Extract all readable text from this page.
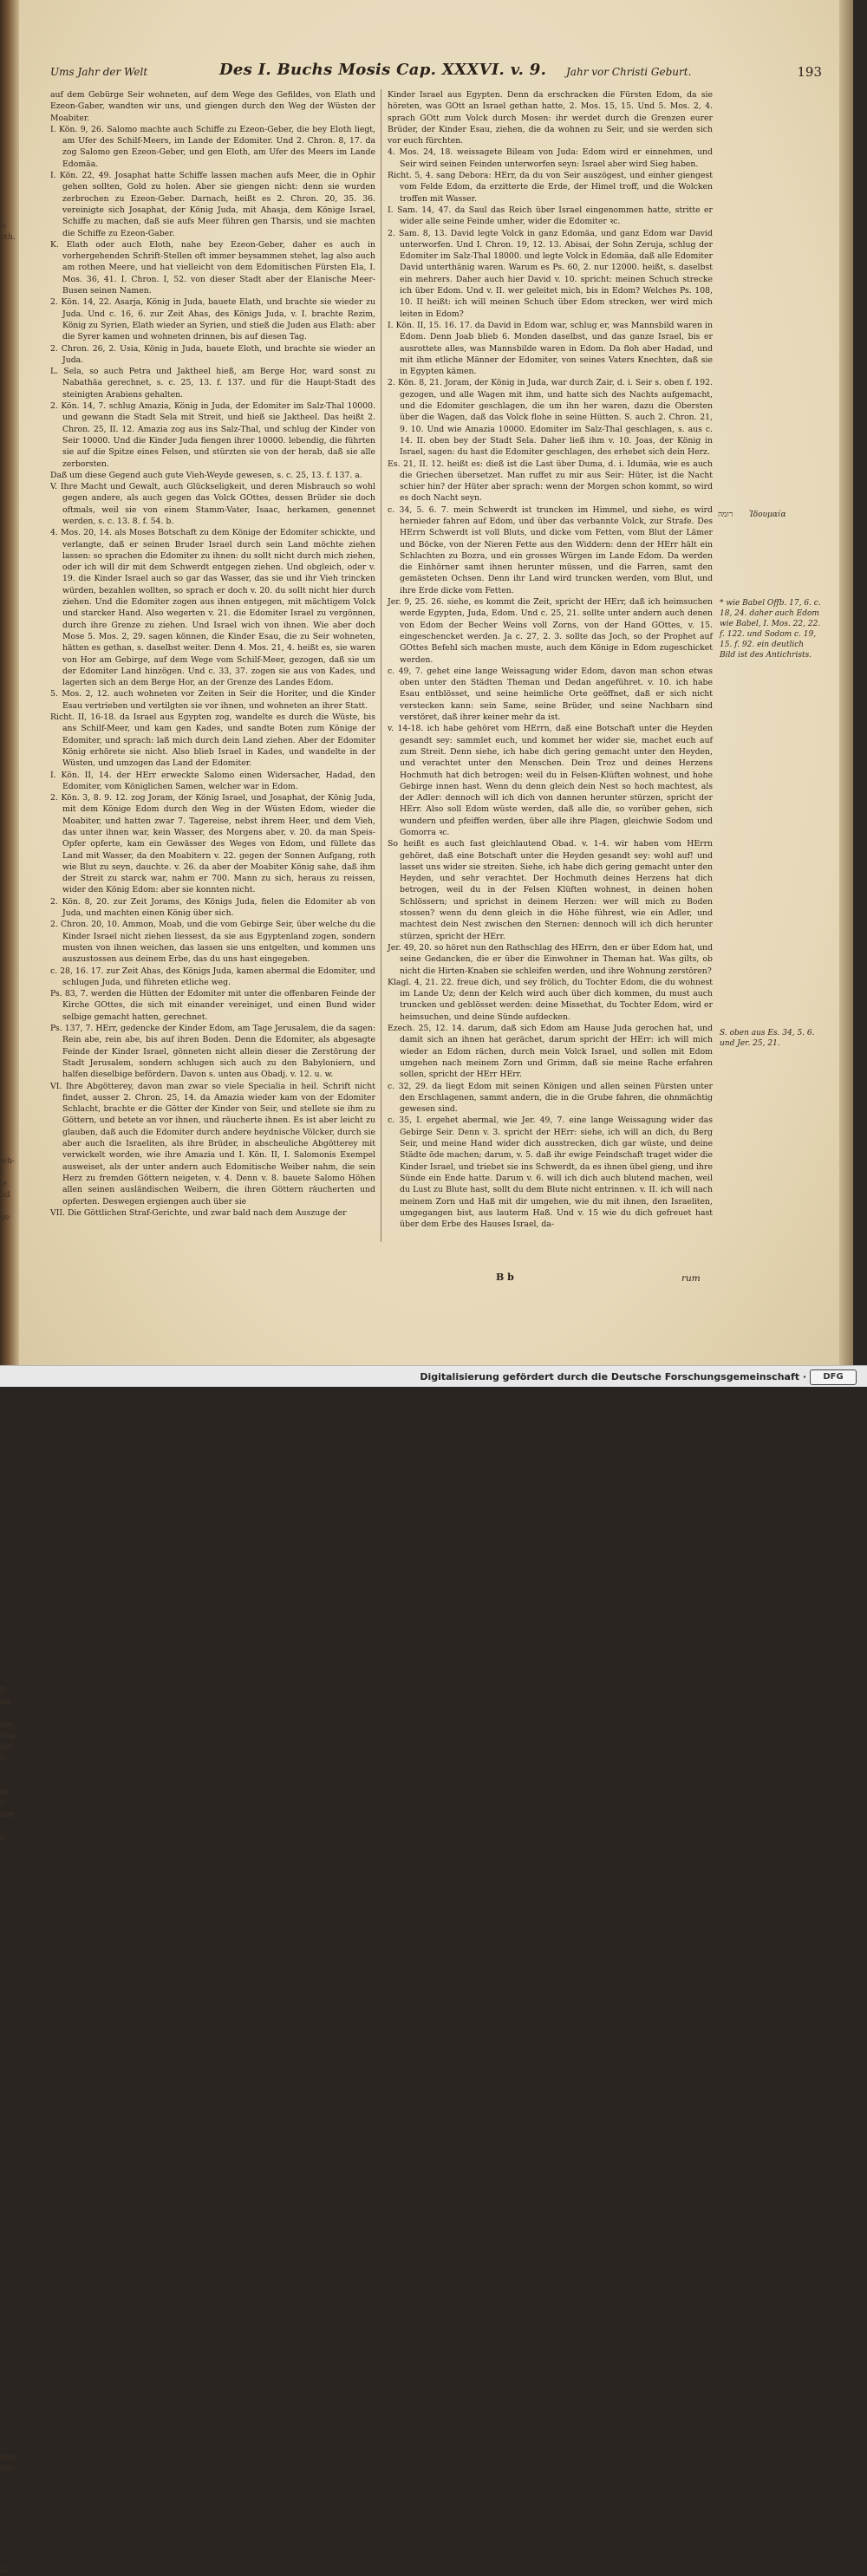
Ums Jahr der Welt	Des I. Buchs Mosis Cap. XXXVI. v. 9. Jahr vor Christi Geburt.	193

auf dem Gebürge Seir wohneten, auf dem Wege des Gefildes, von Elath und Ezeon-Gaber, wandten wir uns, und giengen durch den Weg der Wüsten der Moabiter.

I. Kön. 9, 26. Salomo machte auch Schiffe zu Ezeon-Geber, die bey Eloth liegt, am Ufer des Schilf-Meers, im Lande der Edomiter. Und 2. Chron. 8, 17. da zog Salomo gen Ezeon-Geber, und gen Eloth, am Ufer des Meers im Lande Edomäa.

I. Kön. 22, 49. Josaphat hatte Schiffe lassen machen aufs Meer, die in Ophir gehen sollten, Gold zu holen. Aber sie giengen nicht: denn sie wurden zerbrochen zu Ezeon-Geber. Darnach, heißt es 2. Chron. 20, 35. 36. vereinigte sich Josaphat, der König Juda, mit Ahasja, dem Könige Israel, Schiffe zu machen, daß sie aufs Meer führen gen Tharsis, und sie machten die Schiffe zu Ezeon-Gaber.

K. Elath oder auch Eloth, nahe bey Ezeon-Geber, daher es auch in vorhergehenden Schrift-Stellen oft immer beysammen stehet, lag also auch am rothen Meere, und hat vielleicht von dem Edomitischen Fürsten Ela, I. Mos. 36, 41. I. Chron. I, 52. von dieser Stadt aber der Elanische Meer-Busen seinen Namen.

2. Kön. 14, 22. Asarja, König in Juda, bauete Elath, und brachte sie wieder zu Juda. Und c. 16, 6. zur Zeit Ahas, des Königs Juda, v. I. brachte Rezim, König zu Syrien, Elath wieder an Syrien, und stieß die Juden aus Elath: aber die Syrer kamen und wohneten drinnen, bis auf diesen Tag.

2. Chron. 26, 2. Usia, König in Juda, bauete Eloth, und brachte sie wieder an Juda.

L. Sela, so auch Petra und Jaktheel hieß, am Berge Hor, ward sonst zu Nabathäa gerechnet, s. c. 25, 13. f. 137. und für die Haupt-Stadt des steinigten Arabiens gehalten.

2. Kön. 14, 7. schlug Amazia, König in Juda, der Edomiter im Salz-Thal 10000. und gewann die Stadt Sela mit Streit, und hieß sie Jaktheel. Das heißt 2. Chron. 25, II. 12. Amazia zog aus ins Salz-Thal, und schlug der Kinder von Seir 10000. Und die Kinder Juda fiengen ihrer 10000. lebendig, die führten sie auf die Spitze eines Felsen, und stürzten sie von der herab, daß sie alle zerborsten.

Daß um diese Gegend auch gute Vieh-Weyde gewesen, s. c. 25, 13. f. 137. a.

V. Ihre Macht und Gewalt, auch Glückseligkeit, und deren Misbrauch so wohl gegen andere, als auch gegen das Volck GOttes, dessen Brüder sie doch oftmals, weil sie von einem Stamm-Vater, Isaac, herkamen, genennet werden, s. c. 13. 8. f. 54. b.

4. Mos. 20, 14. als Moses Botschaft zu dem Könige der Edomiter schickte, und verlangte, daß er seinen Bruder Israel durch sein Land möchte ziehen lassen: so sprachen die Edomiter zu ihnen: du sollt nicht durch mich ziehen, oder ich will dir mit dem Schwerdt entgegen ziehen. Und obgleich, oder v. 19. die Kinder Israel auch so gar das Wasser, das sie und ihr Vieh trincken würden, bezahlen wollten, so sprach er doch v. 20. du sollt nicht hier durch ziehen. Und die Edomiter zogen aus ihnen entgegen, mit mächtigem Volck und starcker Hand. Also wegerten v. 21. die Edomiter Israel zu vergönnen, durch ihre Grenze zu ziehen. Und Israel wich von ihnen. Wie aber doch Mose 5. Mos. 2, 29. sagen können, die Kinder Esau, die zu Seir wohneten, hätten es gethan, s. daselbst weiter. Denn 4. Mos. 21, 4. heißt es, sie waren von Hor am Gebirge, auf dem Wege vom Schilf-Meer, gezogen, daß sie um der Edomiter Land hinzögen. Und c. 33, 37. zogen sie aus von Kades, und lagerten sich an dem Berge Hor, an der Grenze des Landes Edom.

5. Mos. 2, 12. auch wohneten vor Zeiten in Seir die Horiter, und die Kinder Esau vertrieben und vertilgten sie vor ihnen, und wohneten an ihrer Statt.

Richt. II, 16-18. da Israel aus Egypten zog, wandelte es durch die Wüste, bis ans Schilf-Meer, und kam gen Kades, und sandte Boten zum Könige der Edomiter, und sprach: laß mich durch dein Land ziehen. Aber der Edomiter König erhörete sie nicht. Also blieb Israel in Kades, und wandelte in der Wüsten, und umzogen das Land der Edomiter.

I. Kön. II, 14. der HErr erweckte Salomo einen Widersacher, Hadad, den Edomiter, vom Königlichen Samen, welcher war in Edom.

2. Kön. 3, 8. 9. 12. zog Joram, der König Israel, und Josaphat, der König Juda, mit dem Könige Edom durch den Weg in der Wüsten Edom, wieder die Moabiter, und hatten zwar 7. Tagereise, nebst ihrem Heer, und dem Vieh, das unter ihnen war, kein Wasser, des Morgens aber, v. 20. da man Speis-Opfer opferte, kam ein Gewässer des Weges von Edom, und füllete das Land mit Wasser, da den Moabitern v. 22. gegen der Sonnen Aufgang, roth wie Blut zu seyn, dauchte. v. 26. da aber der Moabiter König sahe, daß ihm der Streit zu starck war, nahm er 700. Mann zu sich, heraus zu reissen, wider den König Edom: aber sie konnten nicht.

2. Kön. 8, 20. zur Zeit Jorams, des Königs Juda, fielen die Edomiter ab von Juda, und machten einen König über sich.

2. Chron. 20, 10. Ammon, Moab, und die vom Gebirge Seir, über welche du die Kinder Israel nicht ziehen liessest, da sie aus Egyptenland zogen, sondern musten von ihnen weichen, das lassen sie uns entgelten, und kommen uns auszustossen aus deinem Erbe, das du uns hast eingegeben.

c. 28, 16. 17. zur Zeit Ahas, des Königs Juda, kamen abermal die Edomiter, und schlugen Juda, und führeten etliche weg.

Ps. 83, 7. werden die Hütten der Edomiter mit unter die offenbaren Feinde der Kirche GOttes, die sich mit einander vereiniget, und einen Bund wider selbige gemacht hatten, gerechnet.

Ps. 137, 7. HErr, gedencke der Kinder Edom, am Tage Jerusalem, die da sagen: Rein abe, rein abe, bis auf ihren Boden. Denn die Edomiter, als abgesagte Feinde der Kinder Israel, gönneten nicht allein dieser die Zerstörung der Stadt Jerusalem, sondern schlugen sich auch zu den Babyloniern, und halfen dieselbige befördern. Davon s. unten aus Obadj. v. 12. u. w.

VI. Ihre Abgötterey, davon man zwar so viele Specialia in heil. Schrift nicht findet, ausser 2. Chron. 25, 14. da Amazia wieder kam von der Edomiter Schlacht, brachte er die Götter der Kinder von Seir, und stellete sie ihm zu Göttern, und betete an vor ihnen, und räucherte ihnen. Es ist aber leicht zu glauben, daß auch die Edomiter durch andere heydnische Völcker, durch sie aber auch die Israeliten, als ihre Brüder, in abscheuliche Abgötterey mit verwickelt worden, wie ihre Amazia und I. Kön. II, I. Salomonis Exempel ausweiset, als der unter andern auch Edomitische Weiber nahm, die sein Herz zu fremden Göttern neigeten, v. 4. Denn v. 8. bauete Salomo Höhen allen seinen ausländischen Weibern, die ihren Göttern räucherten und opferten. Deswegen ergiengen auch über sie

VII. Die Göttlichen Straf-Gerichte, und zwar bald nach dem Auszuge der

Kinder Israel aus Egypten. Denn da erschracken die Fürsten Edom, da sie höreten, was GOtt an Israel gethan hatte, 2. Mos. 15, 15. Und 5. Mos. 2, 4. sprach GOtt zum Volck durch Mosen: ihr werdet durch die Grenzen eurer Brüder, der Kinder Esau, ziehen, die da wohnen zu Seir, und sie werden sich vor euch fürchten.

4. Mos. 24, 18. weissagete Bileam von Juda: Edom wird er einnehmen, und Seir wird seinen Feinden unterworfen seyn: Israel aber wird Sieg haben.

Richt. 5, 4. sang Debora: HErr, da du von Seir auszögest, und einher giengest vom Felde Edom, da erzitterte die Erde, der Himel troff, und die Wolcken troffen mit Wasser.

I. Sam. 14, 47. da Saul das Reich über Israel eingenommen hatte, stritte er wider alle seine Feinde umher, wider die Edomiter ꝛc.

2. Sam. 8, 13. David legte Volck in ganz Edomäa, und ganz Edom war David unterworfen. Und I. Chron. 19, 12. 13. Abisai, der Sohn Zeruja, schlug der Edomiter im Salz-Thal 18000. und legte Volck in Edomäa, daß alle Edomiter David unterthänig waren. Warum es Ps. 60, 2. nur 12000. heißt, s. daselbst ein mehrers. Daher auch hier David v. 10. spricht: meinen Schuch strecke ich über Edom. Und v. II. wer geleitet mich, bis in Edom? Welches Ps. 108, 10. II heißt: ich will meinen Schuch über Edom strecken, wer wird mich leiten in Edom?

I. Kön. II, 15. 16. 17. da David in Edom war, schlug er, was Mannsbild waren in Edom. Denn Joab blieb 6. Monden daselbst, und das ganze Israel, bis er ausrottete alles, was Mannsbilde waren in Edom. Da floh aber Hadad, und mit ihm etliche Männer der Edomiter, von seines Vaters Knechten, daß sie in Egypten kämen.

2. Kön. 8, 21. Joram, der König in Juda, war durch Zair, d. i. Seir s. oben f. 192. gezogen, und alle Wagen mit ihm, und hatte sich des Nachts aufgemacht, und die Edomiter geschlagen, die um ihn her waren, dazu die Obersten über die Wagen, daß das Volck flohe in seine Hütten. S. auch 2. Chron. 21, 9. 10. Und wie Amazia 10000. Edomiter im Salz-Thal geschlagen, s. aus c. 14. II. oben bey der Stadt Sela. Daher ließ ihm v. 10. Joas, der König in Israel, sagen: du hast die Edomiter geschlagen, des erhebet sich dein Herz.

Es. 21, II. 12. heißt es: dieß ist die Last über Duma, d. i. Idumäa, wie es auch die Griechen übersetzet. Man ruffet zu mir aus Seir: Hüter, ist die Nacht schier hin? der Hüter aber sprach: wenn der Morgen schon kommt, so wird es doch Nacht seyn.

c. 34, 5. 6. 7. mein Schwerdt ist truncken im Himmel, und siehe, es wird hernieder fahren auf Edom, und über das verbannte Volck, zur Strafe. Des HErrn Schwerdt ist voll Bluts, und dicke vom Fetten, vom Blut der Lämer und Böcke, von der Nieren Fette aus den Widdern: denn der HErr hält ein Schlachten zu Bozra, und ein grosses Würgen im Lande Edom. Da werden die Einhörner samt ihnen herunter müssen, und die Farren, samt den gemästeten Ochsen. Denn ihr Land wird truncken werden, vom Blut, und ihre Erde dicke vom Fetten.

Jer. 9, 25. 26. siehe, es kommt die Zeit, spricht der HErr, daß ich heimsuchen werde Egypten, Juda, Edom. Und c. 25, 21. sollte unter andern auch denen von Edom der Becher Weins voll Zorns, von der Hand GOttes, v. 15. eingeschencket werden. Ja c. 27, 2. 3. sollte das Joch, so der Prophet auf GOttes Befehl sich machen muste, auch dem Könige in Edom zugeschicket werden.

c. 49, 7. gehet eine lange Weissagung wider Edom, davon man schon etwas oben unter den Städten Theman und Dedan angeführet. v. 10. ich habe Esau entblösset, und seine heimliche Orte geöffnet, daß er sich nicht verstecken kann: sein Same, seine Brüder, und seine Nachbarn sind verstöret, daß ihrer keiner mehr da ist.

v. 14-18. ich habe gehöret vom HErrn, daß eine Botschaft unter die Heyden gesandt sey: sammlet euch, und kommet her wider sie, machet euch auf zum Streit. Denn siehe, ich habe dich gering gemacht unter den Heyden, und verachtet unter den Menschen. Dein Troz und deines Herzens Hochmuth hat dich betrogen: weil du in Felsen-Klüften wohnest, und hohe Gebirge innen hast. Wenn du denn gleich dein Nest so hoch machtest, als der Adler: dennoch will ich dich von dannen herunter stürzen, spricht der HErr. Also soll Edom wüste werden, daß alle die, so vorüber gehen, sich wundern und pfeiffen werden, über alle ihre Plagen, gleichwie Sodom und Gomorra ꝛc.

So heißt es auch fast gleichlautend Obad. v. 1-4. wir haben vom HErrn gehöret, daß eine Botschaft unter die Heyden gesandt sey: wohl auf! und lasset uns wider sie streiten. Siehe, ich habe dich gering gemacht unter den Heyden, und sehr verachtet. Der Hochmuth deines Herzens hat dich betrogen, weil du in der Felsen Klüften wohnest, in deinen hohen Schlössern; und sprichst in deinem Herzen: wer will mich zu Boden stossen? wenn du denn gleich in die Höhe führest, wie ein Adler, und machtest dein Nest zwischen den Sternen: dennoch will ich dich herunter stürzen, spricht der HErr.

Jer. 49, 20. so höret nun den Rathschlag des HErrn, den er über Edom hat, und seine Gedancken, die er über die Einwohner in Theman hat. Was gilts, ob nicht die Hirten-Knaben sie schleifen werden, und ihre Wohnung zerstören?

Klagl. 4, 21. 22. freue dich, und sey frölich, du Tochter Edom, die du wohnest im Lande Uz; denn der Kelch wird auch über dich kommen, du must auch truncken und geblösset werden: deine Missethat, du Tochter Edom, wird er heimsuchen, und deine Sünde aufdecken.

Ezech. 25, 12. 14. darum, daß sich Edom am Hause Juda gerochen hat, und damit sich an ihnen hat gerächet, darum spricht der HErr: ich will mich wieder an Edom rächen, durch mein Volck Israel, und sollen mit Edom umgehen nach meinem Zorn und Grimm, daß sie meine Rache erfahren sollen, spricht der HErr HErr.

c. 32, 29. da liegt Edom mit seinen Königen und allen seinen Fürsten unter den Erschlagenen, sammt andern, die in die Grube fahren, die ohnmächtig gewesen sind.

c. 35, I. ergehet abermal, wie Jer. 49, 7. eine lange Weissagung wider das Gebirge Seir. Denn v. 3. spricht der HErr: siehe, ich will an dich, du Berg Seir, und meine Hand wider dich ausstrecken, dich gar wüste, und deine Städte öde machen; darum, v. 5. daß ihr ewige Feindschaft traget wider die Kinder Israel, und triebet sie ins Schwerdt, da es ihnen übel gieng, und ihre Sünde ein Ende hatte. Darum v. 6. will ich dich auch blutend machen, weil du Lust zu Blute hast, sollt du dem Blute nicht entrinnen. v. II. ich will nach meinem Zorn und Haß mit dir umgehen, wie du mit ihnen, den Israeliten, umgegangen bist, aus lauterm Haß. Und v. 15 wie du dich gefreuet hast über dem Erbe des Hauses Israel, da-

רומה	Ἰδουμαία
* wie Babel Offb. 17, 6. c. 18, 24. daher auch Edom wie Babel, I. Mos. 22, 22. f. 122. und Sodom c. 19, 15. f. 92. ein deutlich Bild ist des Antichrists.
S. oben aus Es. 34, 5. 6. und Jer. 25, 21.
B b	rum
ls
oth.
ieh-
r
le
nd
ge
E-
lor-
am.
ilug
ert
ls
hr
r
obe
s
nen
rey.
2.
Digitalisierung gefördert durch die Deutsche Forschungsgemeinschaft ·	DFG
